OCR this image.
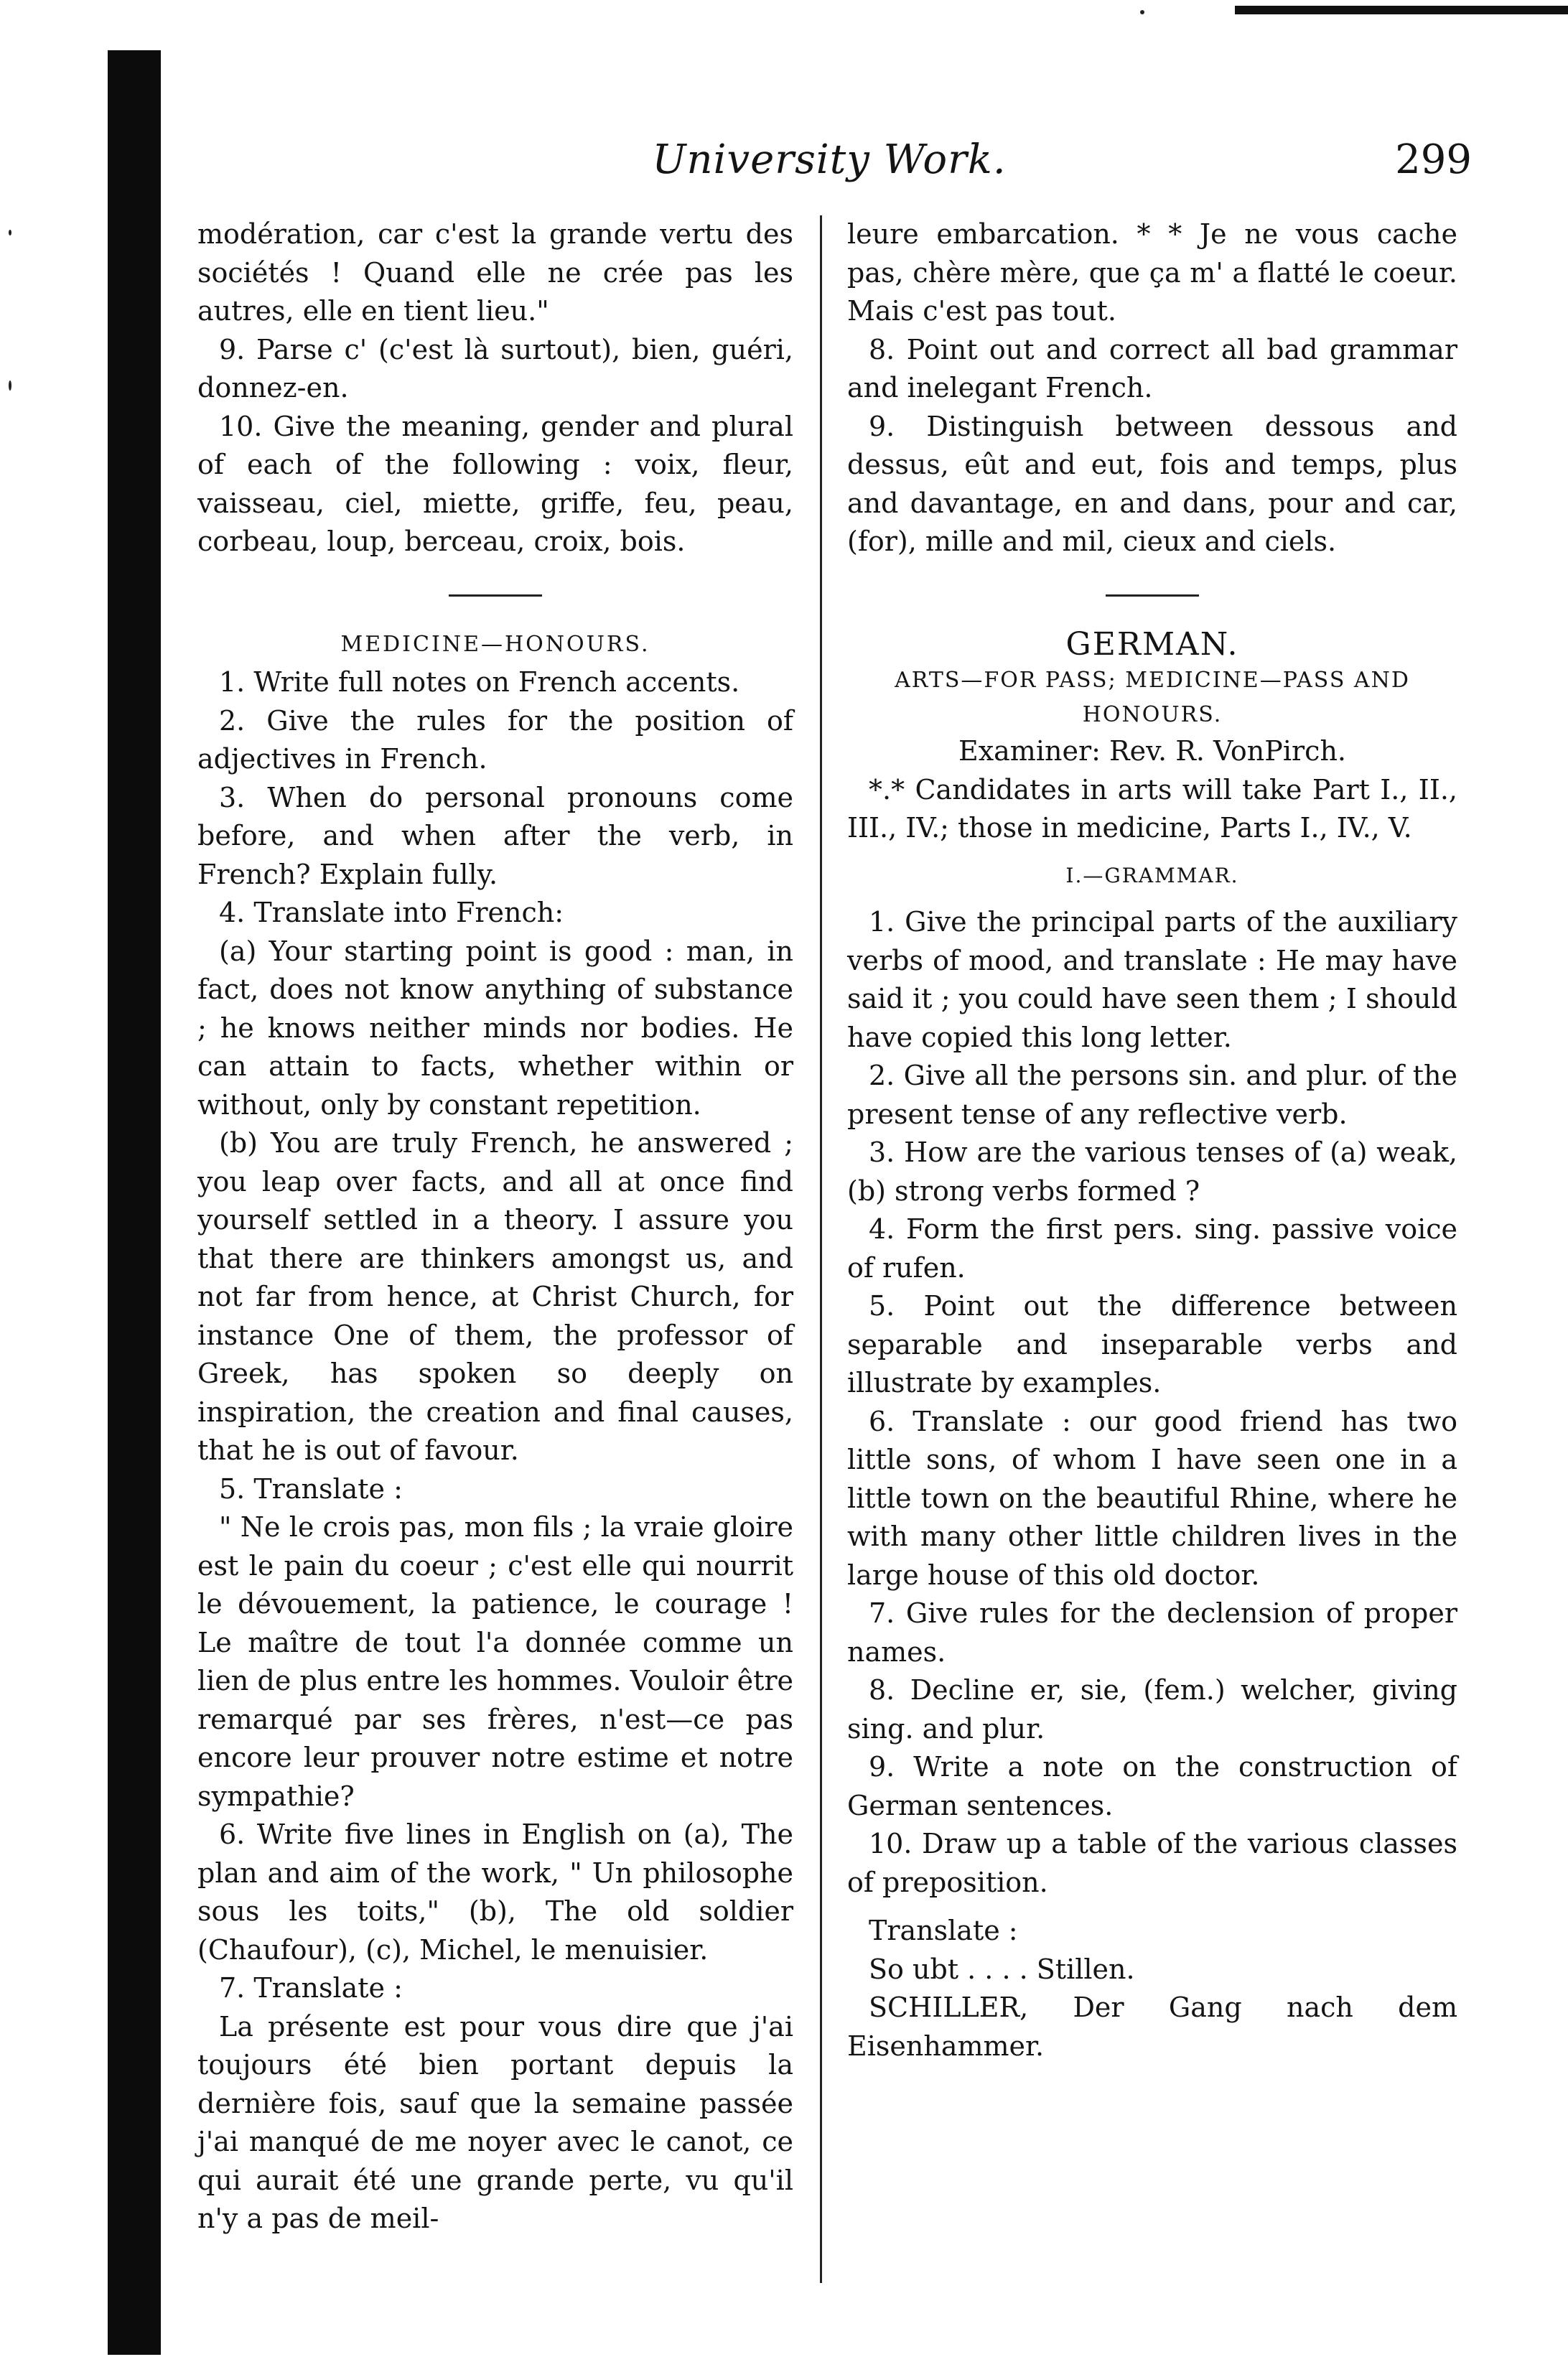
University Work.	299

modération, car c'est la grande vertu des sociétés ! Quand elle ne crée pas les autres, elle en tient lieu."

9. Parse c' (c'est là surtout), bien, guéri, donnez-en.

10. Give the meaning, gender and plural of each of the following : voix, fleur, vaisseau, ciel, miette, griffe, feu, peau, corbeau, loup, berceau, croix, bois.

MEDICINE—HONOURS.

1. Write full notes on French accents.

2. Give the rules for the position of adjectives in French.

3. When do personal pronouns come before, and when after the verb, in French? Explain fully.

4. Translate into French:

(a) Your starting point is good : man, in fact, does not know anything of substance ; he knows neither minds nor bodies. He can attain to facts, whether within or without, only by constant repetition.

(b) You are truly French, he answered ; you leap over facts, and all at once find yourself settled in a theory. I assure you that there are thinkers amongst us, and not far from hence, at Christ Church, for instance One of them, the professor of Greek, has spoken so deeply on inspiration, the creation and final causes, that he is out of favour.

5. Translate :

" Ne le crois pas, mon fils ; la vraie gloire est le pain du coeur ; c'est elle qui nourrit le dévouement, la patience, le courage ! Le maître de tout l'a donnée comme un lien de plus entre les hommes. Vouloir être remarqué par ses frères, n'est—ce pas encore leur prouver notre estime et notre sympathie?

6. Write five lines in English on (a), The plan and aim of the work, " Un philosophe sous les toits," (b), The old soldier (Chaufour), (c), Michel, le menuisier.

7. Translate :

La présente est pour vous dire que j'ai toujours été bien portant depuis la dernière fois, sauf que la semaine passée j'ai manqué de me noyer avec le canot, ce qui aurait été une grande perte, vu qu'il n'y a pas de meil-

leure embarcation. * * Je ne vous cache pas, chère mère, que ça m' a flatté le coeur. Mais c'est pas tout.

8. Point out and correct all bad grammar and inelegant French.

9. Distinguish between dessous and dessus, eût and eut, fois and temps, plus and davantage, en and dans, pour and car, (for), mille and mil, cieux and ciels.

GERMAN.

ARTS—FOR PASS; MEDICINE—PASS AND HONOURS.

Examiner: Rev. R. VonPirch.

*.* Candidates in arts will take Part I., II., III., IV.; those in medicine, Parts I., IV., V.

I.—GRAMMAR.

1. Give the principal parts of the auxiliary verbs of mood, and translate : He may have said it ; you could have seen them ; I should have copied this long letter.

2. Give all the persons sin. and plur. of the present tense of any reflective verb.

3. How are the various tenses of (a) weak, (b) strong verbs formed ?

4. Form the first pers. sing. passive voice of rufen.

5. Point out the difference between separable and inseparable verbs and illustrate by examples.

6. Translate : our good friend has two little sons, of whom I have seen one in a little town on the beautiful Rhine, where he with many other little children lives in the large house of this old doctor.

7. Give rules for the declension of proper names.

8. Decline er, sie, (fem.) welcher, giving sing. and plur.

9. Write a note on the construction of German sentences.

10. Draw up a table of the various classes of preposition.

Translate :

So ubt . . . . Stillen.

SCHILLER, Der Gang nach dem Eisenhammer.
